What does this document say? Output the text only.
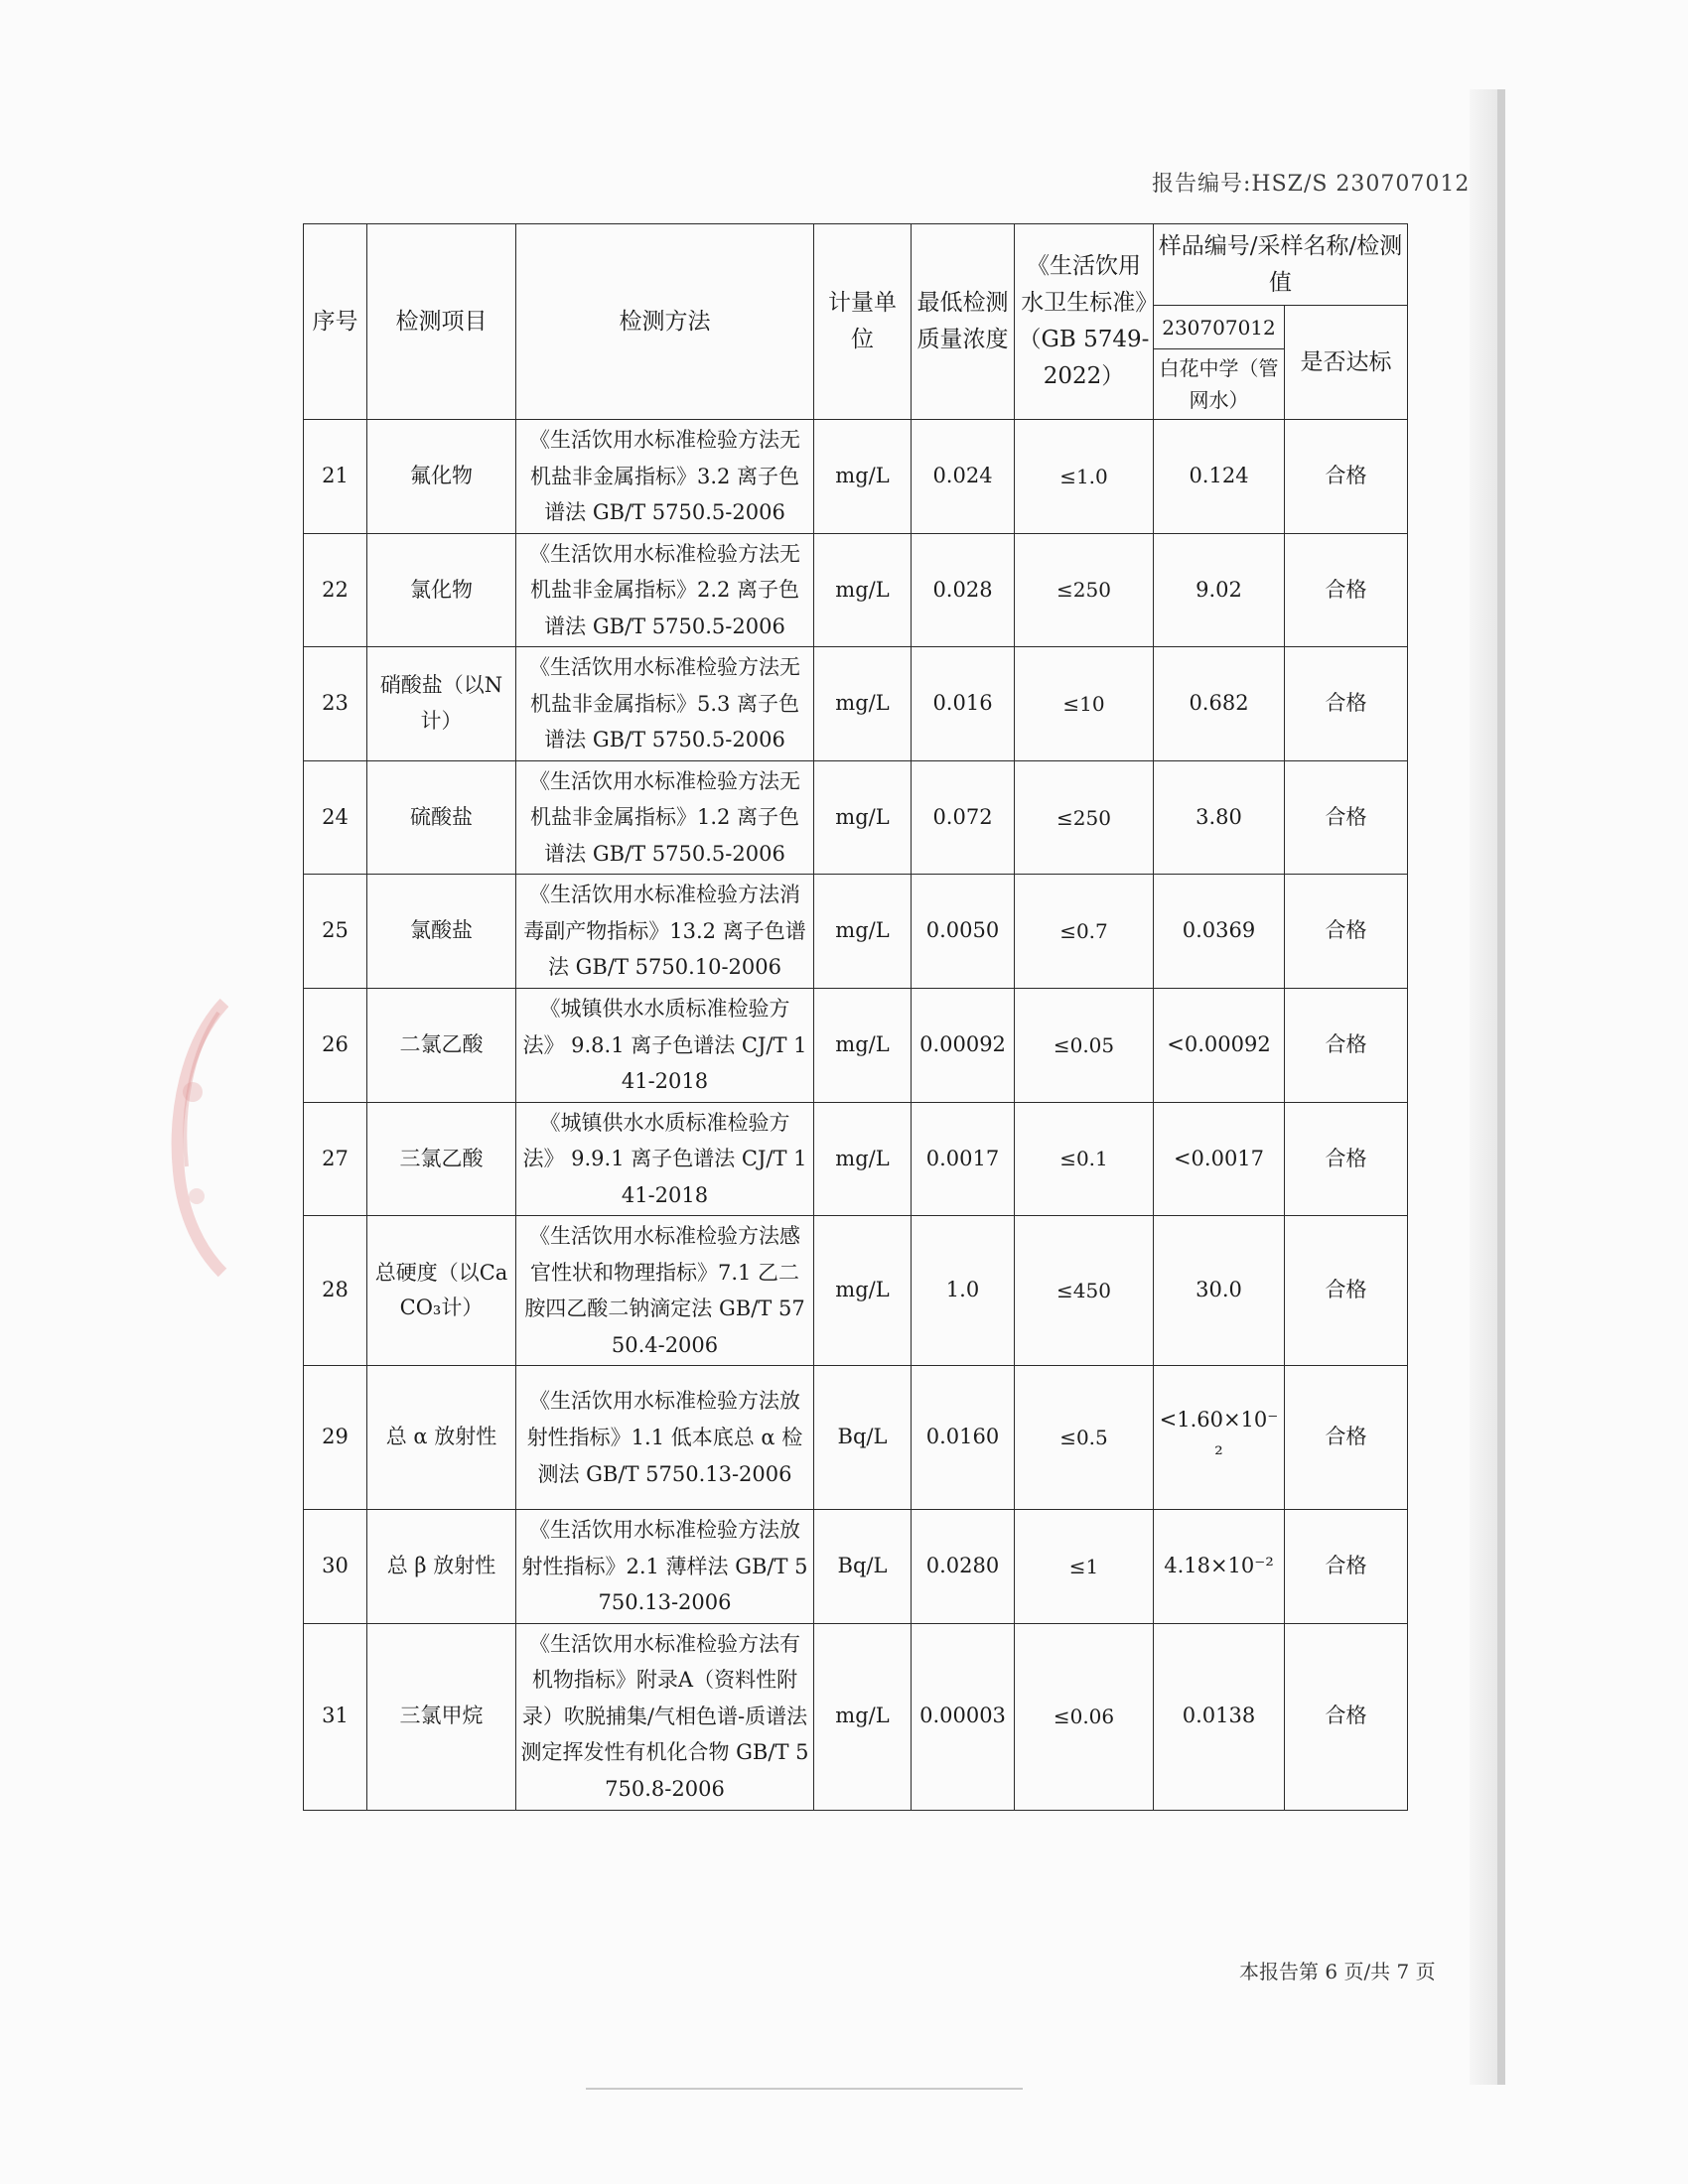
报告编号:HSZ/S 230707012
序号	检测项目	检测方法	计量单位	最低检测质量浓度	《生活饮用水卫生标准》（GB 5749-2022）	样品编号/采样名称/检测值	
						230707012	是否达标
						白花中学（管网水）	
21	氟化物	《生活饮用水标准检验方法无机盐非金属指标》3.2 离子色谱法 GB/T 5750.5-2006	mg/L	0.024	≤1.0	0.124	合格
22	氯化物	《生活饮用水标准检验方法无机盐非金属指标》2.2 离子色谱法 GB/T 5750.5-2006	mg/L	0.028	≤250	9.02	合格
23	硝酸盐（以N计）	《生活饮用水标准检验方法无机盐非金属指标》5.3 离子色谱法 GB/T 5750.5-2006	mg/L	0.016	≤10	0.682	合格
24	硫酸盐	《生活饮用水标准检验方法无机盐非金属指标》1.2 离子色谱法 GB/T 5750.5-2006	mg/L	0.072	≤250	3.80	合格
25	氯酸盐	《生活饮用水标准检验方法消毒副产物指标》13.2 离子色谱法 GB/T 5750.10-2006	mg/L	0.0050	≤0.7	0.0369	合格
26	二氯乙酸	《城镇供水水质标准检验方法》 9.8.1 离子色谱法 CJ/T 141-2018	mg/L	0.00092	≤0.05	<0.00092	合格
27	三氯乙酸	《城镇供水水质标准检验方法》 9.9.1 离子色谱法 CJ/T 141-2018	mg/L	0.0017	≤0.1	<0.0017	合格
28	总硬度（以CaCO₃计）	《生活饮用水标准检验方法感官性状和物理指标》7.1 乙二胺四乙酸二钠滴定法 GB/T 5750.4-2006	mg/L	1.0	≤450	30.0	合格
29	总 α 放射性	《生活饮用水标准检验方法放射性指标》1.1 低本底总 α 检测法 GB/T 5750.13-2006	Bq/L	0.0160	≤0.5	<1.60×10⁻²	合格
30	总 β 放射性	《生活饮用水标准检验方法放射性指标》2.1 薄样法 GB/T 5750.13-2006	Bq/L	0.0280	≤1	4.18×10⁻²	合格
31	三氯甲烷	《生活饮用水标准检验方法有机物指标》附录A（资料性附录）吹脱捕集/气相色谱-质谱法测定挥发性有机化合物 GB/T 5750.8-2006	mg/L	0.00003	≤0.06	0.0138	合格
本报告第 6 页/共 7 页
